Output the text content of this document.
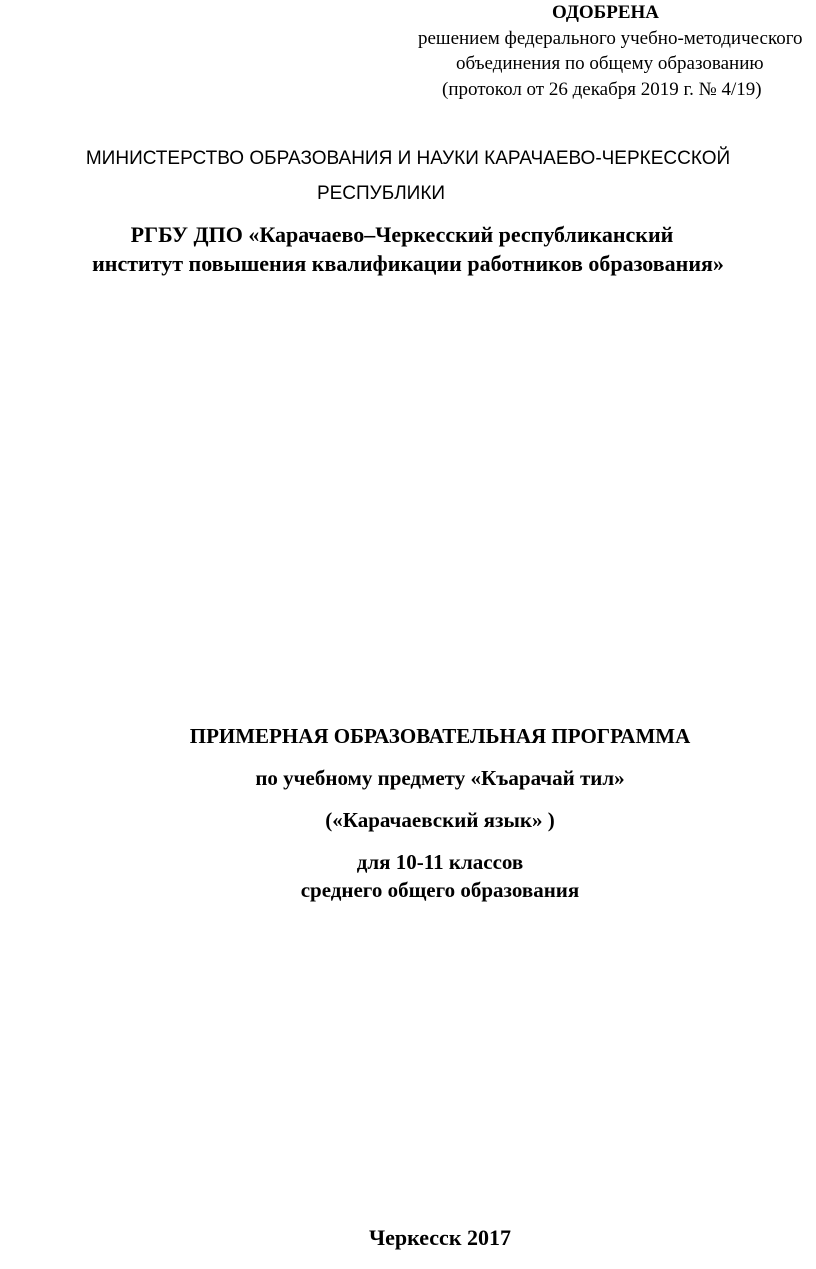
ОДОБРЕНА
решением федерального учебно-методического
объединения по общему образованию
(протокол от 26 декабря 2019 г. № 4/19)
МИНИСТЕРСТВО ОБРАЗОВАНИЯ И НАУКИ КАРАЧАЕВО-ЧЕРКЕССКОЙ
РЕСПУБЛИКИ
РГБУ ДПО «Карачаево–Черкесский республиканский
институт повышения квалификации работников образования»
ПРИМЕРНАЯ ОБРАЗОВАТЕЛЬНАЯ ПРОГРАММА
по учебному предмету «Къарачай тил»
(«Карачаевский язык» )
для 10-11 классов
среднего общего образования
Черкесск 2017
